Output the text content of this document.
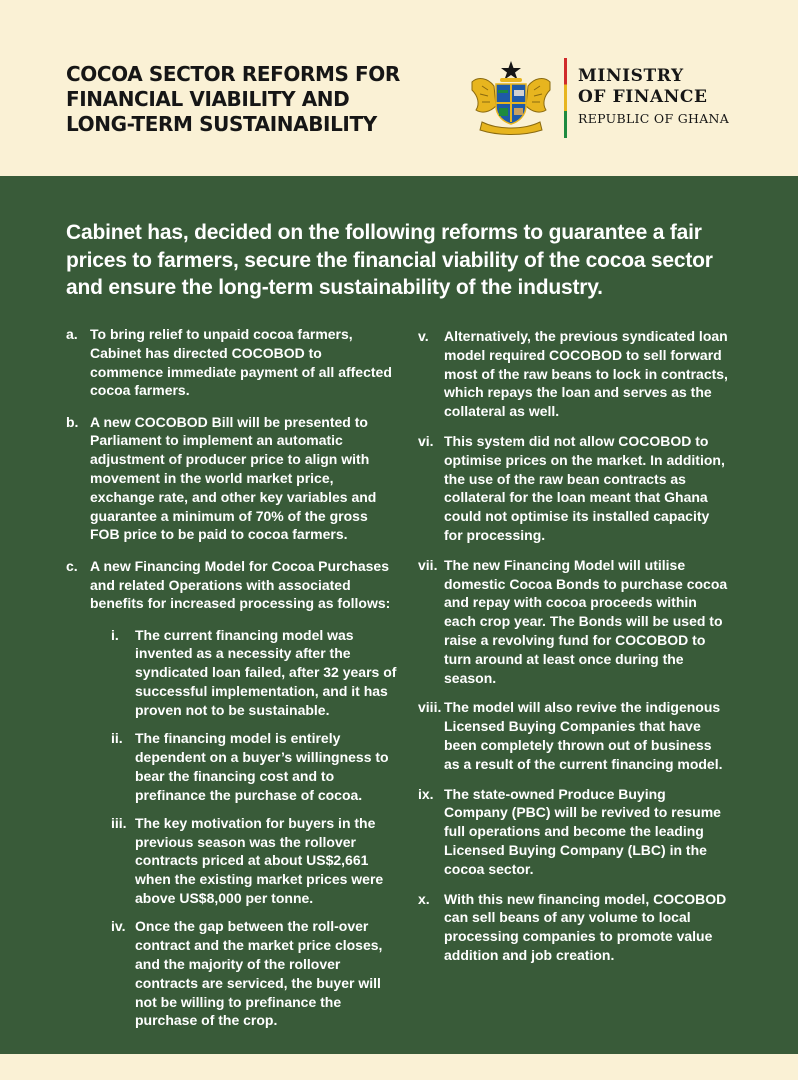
COCOA SECTOR REFORMS FOR
FINANCIAL VIABILITY AND
LONG-TERM SUSTAINABILITY
MINISTRY
OF FINANCE
REPUBLIC OF GHANA
Cabinet has, decided on the following reforms to guarantee a fair prices to farmers, secure the financial viability of the cocoa sector and ensure the long-term sustainability of the industry.
a. To bring relief to unpaid cocoa farmers, Cabinet has directed COCOBOD to commence immediate payment of all affected cocoa farmers.
b. A new COCOBOD Bill will be presented to Parliament to implement an automatic adjustment of producer price to align with movement in the world market price, exchange rate, and other key variables and guarantee a minimum of 70% of the gross FOB price to be paid to cocoa farmers.
c. A new Financing Model for Cocoa Purchases and related Operations with associated benefits for increased processing as follows:
i. The current financing model was invented as a necessity after the syndicated loan failed, after 32 years of successful implementation, and it has proven not to be sustainable.
ii. The financing model is entirely dependent on a buyer’s willingness to bear the financing cost and to prefinance the purchase of cocoa.
iii. The key motivation for buyers in the previous season was the rollover contracts priced at about US$2,661 when the existing market prices were above US$8,000 per tonne.
iv. Once the gap between the roll-over contract and the market price closes, and the majority of the rollover contracts are serviced, the buyer will not be willing to prefinance the purchase of the crop.
v. Alternatively, the previous syndicated loan model required COCOBOD to sell forward most of the raw beans to lock in contracts, which repays the loan and serves as the collateral as well.
vi. This system did not allow COCOBOD to optimise prices on the market. In addition, the use of the raw bean contracts as collateral for the loan meant that Ghana could not optimise its installed capacity for processing.
vii. The new Financing Model will utilise domestic Cocoa Bonds to purchase cocoa and repay with cocoa proceeds within each crop year. The Bonds will be used to raise a revolving fund for COCOBOD to turn around at least once during the season.
viii. The model will also revive the indigenous Licensed Buying Companies that have been completely thrown out of business as a result of the current financing model.
ix. The state-owned Produce Buying Company (PBC) will be revived to resume full operations and become the leading Licensed Buying Company (LBC) in the cocoa sector.
x. With this new financing model, COCOBOD can sell beans of any volume to local processing companies to promote value addition and job creation.
